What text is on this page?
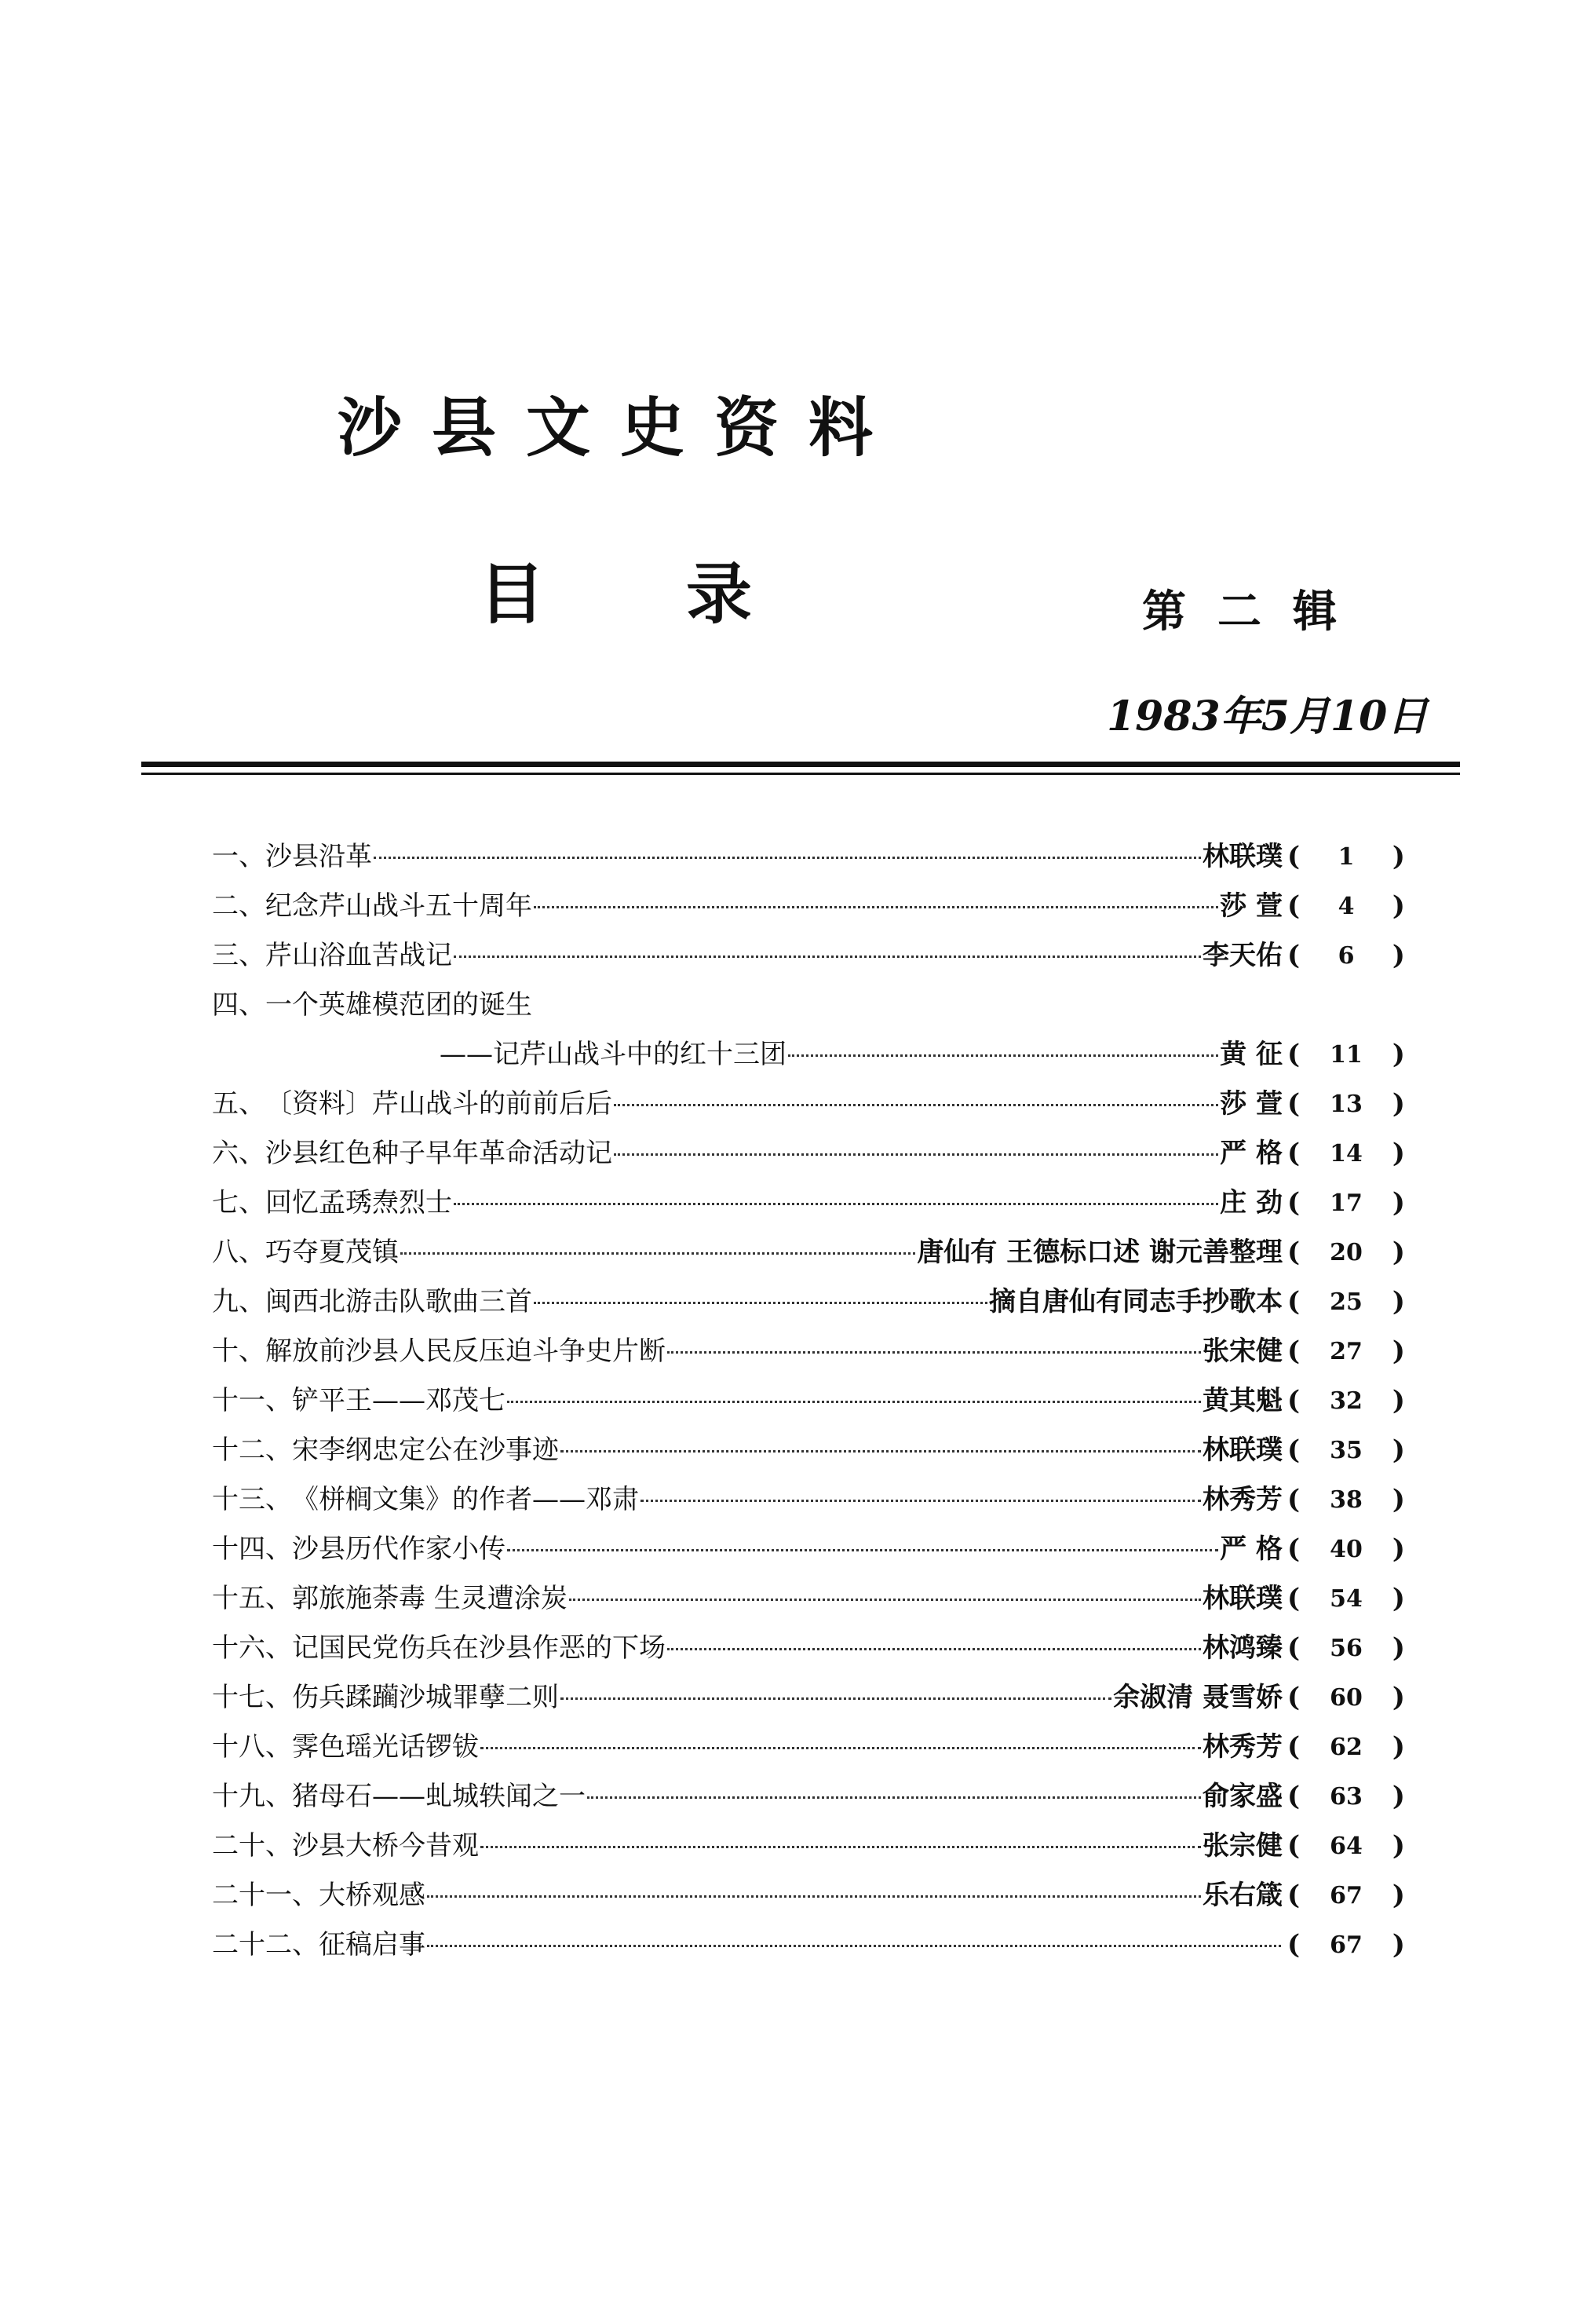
沙县文史资料
目录	第二辑
1983年5月10日
一、 沙县沿革	林联璞 (	1	)
二、 纪念芹山战斗五十周年	莎 萱 (	4	)
三、 芹山浴血苦战记	李天佑 (	6	)
四、 一个英雄模范团的诞生
——记芹山战斗中的红十三团	黄 征 (	11	)
五、 〔资料〕芹山战斗的前前后后	莎 萱 (	13	)
六、 沙县红色种子早年革命活动记	严 格 (	14	)
七、 回忆孟琇焘烈士	庄 劲 (	17	)
八、 巧夺夏茂镇	唐仙有 王德标口述 谢元善整理 (	20	)
九、 闽西北游击队歌曲三首	摘自唐仙有同志手抄歌本 (	25	)
十、 解放前沙县人民反压迫斗争史片断	张宋健 (	27	)
十一、 铲平王——邓茂七	黄其魁 (	32	)
十二、 宋李纲忠定公在沙事迹	林联璞 (	35	)
十三、 《栟榈文集》的作者——邓肃	林秀芳 (	38	)
十四、 沙县历代作家小传	严 格 (	40	)
十五、 郭旅施荼毒 生灵遭涂炭	林联璞 (	54	)
十六、 记国民党伤兵在沙县作恶的下场	林鸿臻 (	56	)
十七、 伤兵蹂躏沙城罪孽二则	余淑清 聂雪娇 (	60	)
十八、 霁色瑶光话锣钹	林秀芳 (	62	)
十九、 猪母石——虬城轶闻之一	俞家盛 (	63	)
二十、 沙县大桥今昔观	张宗健 (	64	)
二十一、 大桥观感	乐右箴 (	67	)
二十二、 征稿启事	(	67	)
